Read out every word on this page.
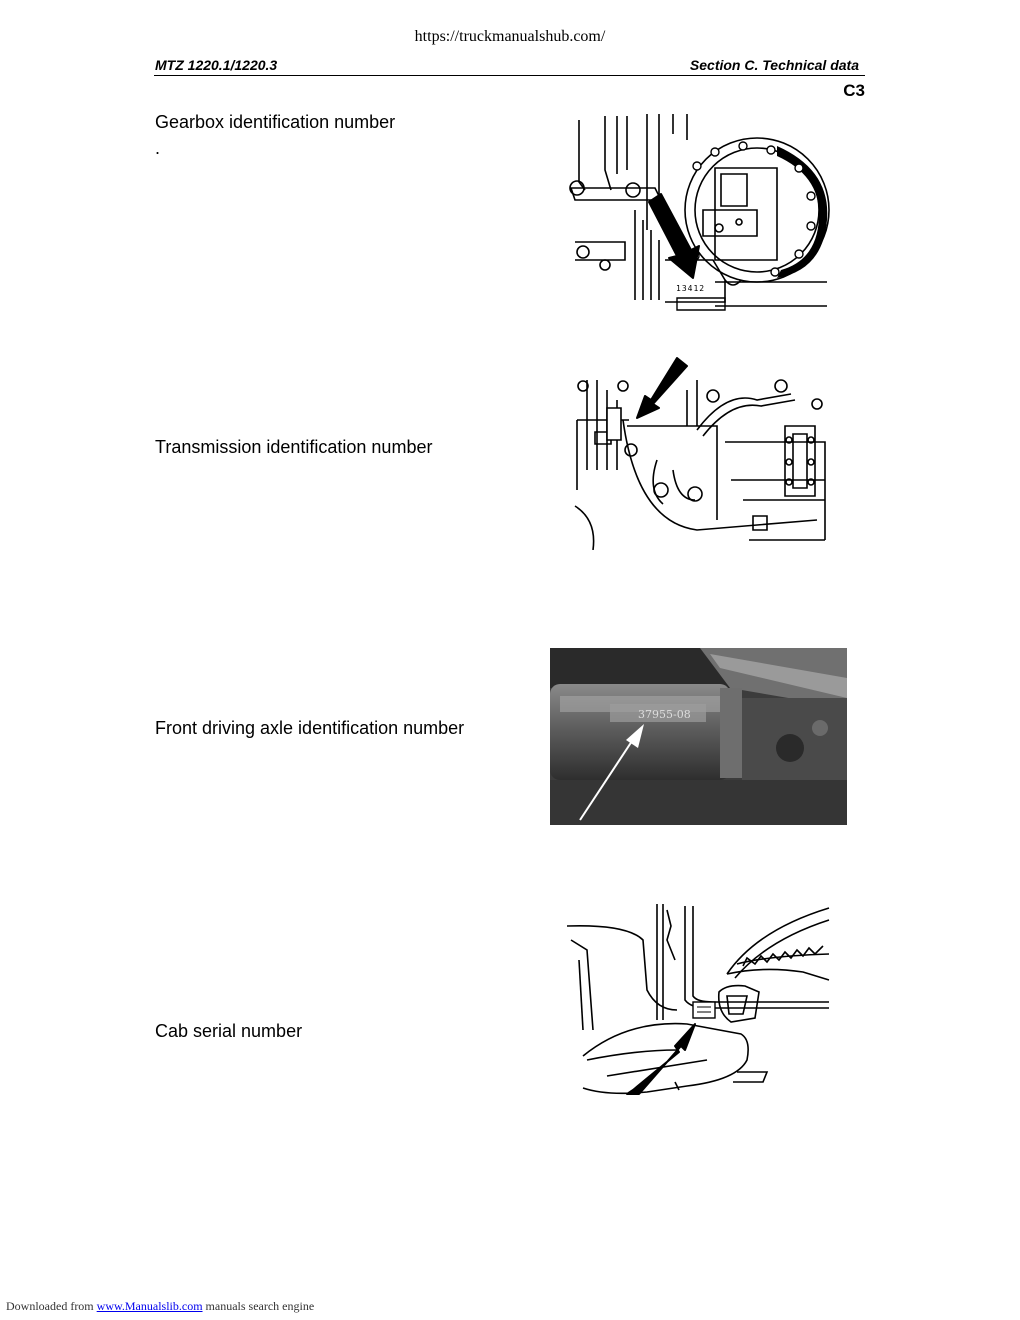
https://truckmanualshub.com/
MTZ 1220.1/1220.3	Section C. Technical data
C3
Gearbox identification number
.
13412
Transmission identification number
Front driving axle identification number
37955-08
Cab serial number
Downloaded from www.Manualslib.com manuals search engine
